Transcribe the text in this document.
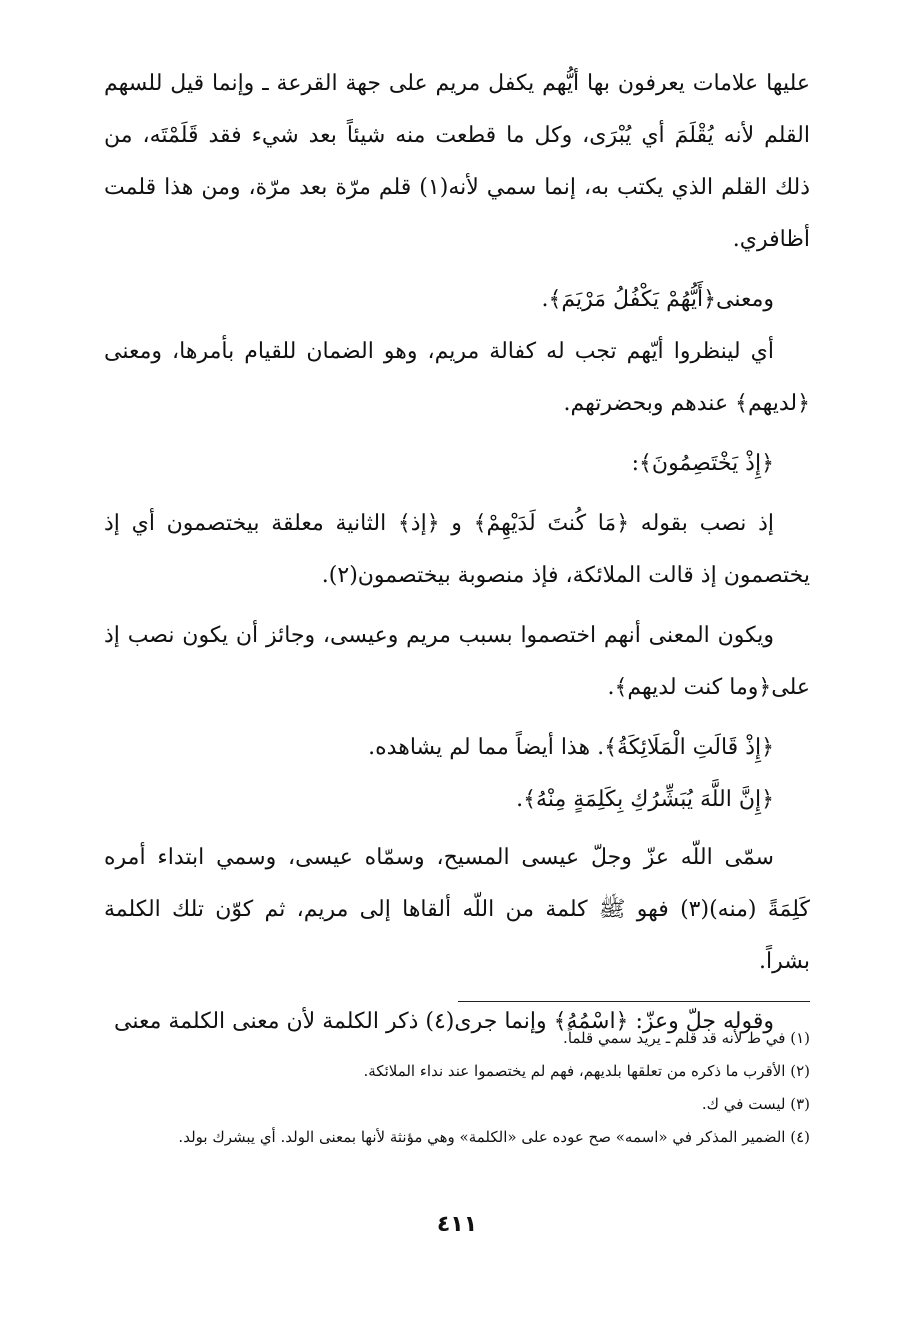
عليها علامات يعرفون بها أيُّهم يكفل مريم على جهة القرعة ـ وإنما قيل للسهم القلم لأنه يُقْلَمَ أي يُبْرَى، وكل ما قطعت منه شيئاً بعد شيء فقد قَلَمْتَه، من ذلك القلم الذي يكتب به، إنما سمي لأنه(١) قلم مرّة بعد مرّة، ومن هذا قلمت أظافري.

ومعنى﴿أَيُّهُمْ يَكْفُلُ مَرْيَمَ﴾.

أي لينظروا أيّهم تجب له كفالة مريم، وهو الضمان للقيام بأمرها، ومعنى ﴿لديهم﴾ عندهم وبحضرتهم.

﴿إِذْ يَخْتَصِمُونَ﴾:

إذ نصب بقوله ﴿مَا كُنتَ لَدَيْهِمْ﴾ و ﴿إذ﴾ الثانية معلقة بيختصمون أي إذ يختصمون إذ قالت الملائكة، فإذ منصوبة بيختصمون(٢).

ويكون المعنى أنهم اختصموا بسبب مريم وعيسى، وجائز أن يكون نصب إذ على﴿وما كنت لديهم﴾.

﴿إِذْ قَالَتِ الْمَلَائِكَةُ﴾. هذا أيضاً مما لم يشاهده.

﴿إِنَّ اللَّهَ يُبَشِّرُكِ بِكَلِمَةٍ مِنْهُ﴾.

سمّى اللّه عزّ وجلّ عيسى المسيح، وسمّاه عيسى، وسمي ابتداء أمره كَلِمَةً (منه)(٣) فهو ﷺ كلمة من اللّه ألقاها إلى مريم، ثم كوّن تلك الكلمة بشراً.

وقوله جلّ وعزّ: ﴿اسْمُهُ﴾ وإنما جرى(٤) ذكر الكلمة لأن معنى الكلمة معنى

(١) في ط لأنه قد قلم ـ يريد سمي قلماً.
(٢) الأقرب ما ذكره من تعلقها بلديهم، فهم لم يختصموا عند نداء الملائكة.
(٣) ليست في ك.
(٤) الضمير المذكر في «اسمه» صح عوده على «الكلمة» وهي مؤنثة لأنها بمعنى الولد. أي يبشرك بولد.
٤١١
